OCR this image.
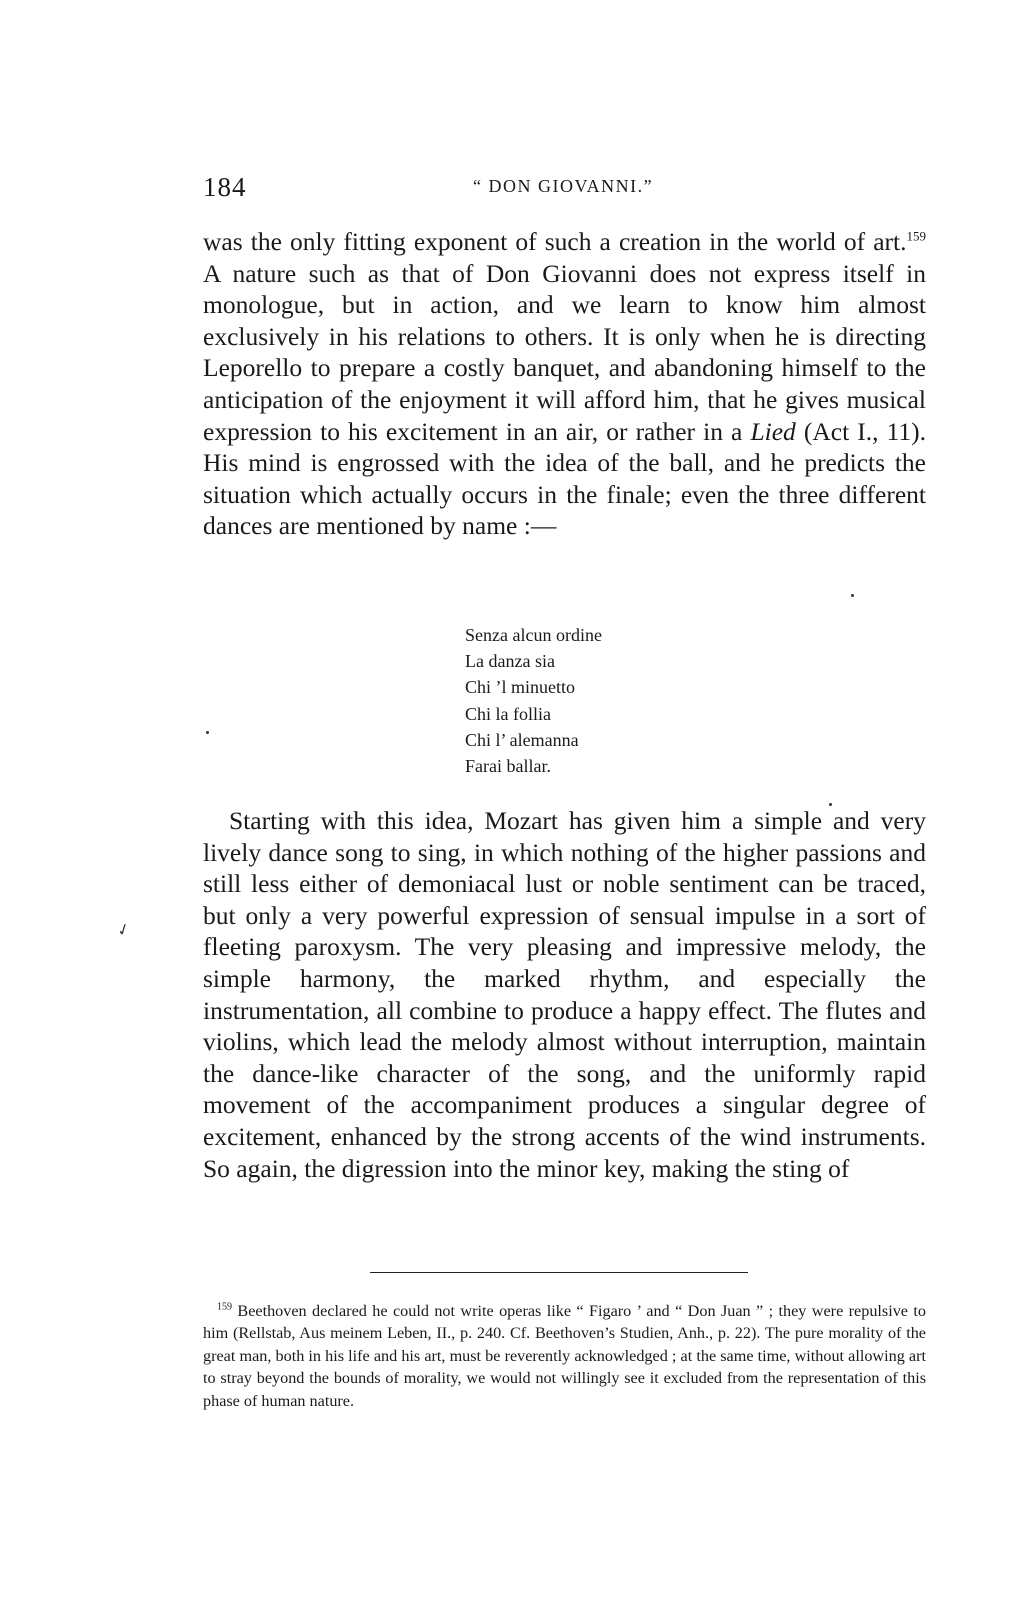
184	“ DON GIOVANNI.”

was the only fitting exponent of such a creation in the world of art.$^{159}$ A nature such as that of Don Giovanni does not express itself in monologue, but in action, and we learn to know him almost exclusively in his relations to others. It is only when he is directing Leporello to prepare a costly banquet, and abandoning himself to the anticipation of the enjoyment it will afford him, that he gives musical expression to his excitement in an air, or rather in a Lied (Act I., 11). His mind is engrossed with the idea of the ball, and he predicts the situation which actually occurs in the finale; even the three different dances are mentioned by name :—

Senza alcun ordine
La danza sia
Chi ’l minuetto
Chi la follia
Chi l’ alemanna
Farai ballar.

Starting with this idea, Mozart has given him a simple and very lively dance song to sing, in which nothing of the higher passions and still less either of demoniacal lust or noble sentiment can be traced, but only a very powerful expression of sensual impulse in a sort of fleeting paroxysm. The very pleasing and impressive melody, the simple harmony, the marked rhythm, and especially the instrumentation, all combine to produce a happy effect. The flutes and violins, which lead the melody almost without interruption, maintain the dance-like character of the song, and the uniformly rapid movement of the accompaniment produces a singular degree of excitement, enhanced by the strong accents of the wind instruments. So again, the digression into the minor key, making the sting of

$^{159}$ Beethoven declared he could not write operas like “ Figaro ’ and “ Don Juan ” ; they were repulsive to him (Rellstab, Aus meinem Leben, II., p. 240. Cf. Beethoven’s Studien, Anh., p. 22). The pure morality of the great man, both in his life and his art, must be reverently acknowledged ; at the same time, without allowing art to stray beyond the bounds of morality, we would not willingly see it excluded from the representation of this phase of human nature.

✓
